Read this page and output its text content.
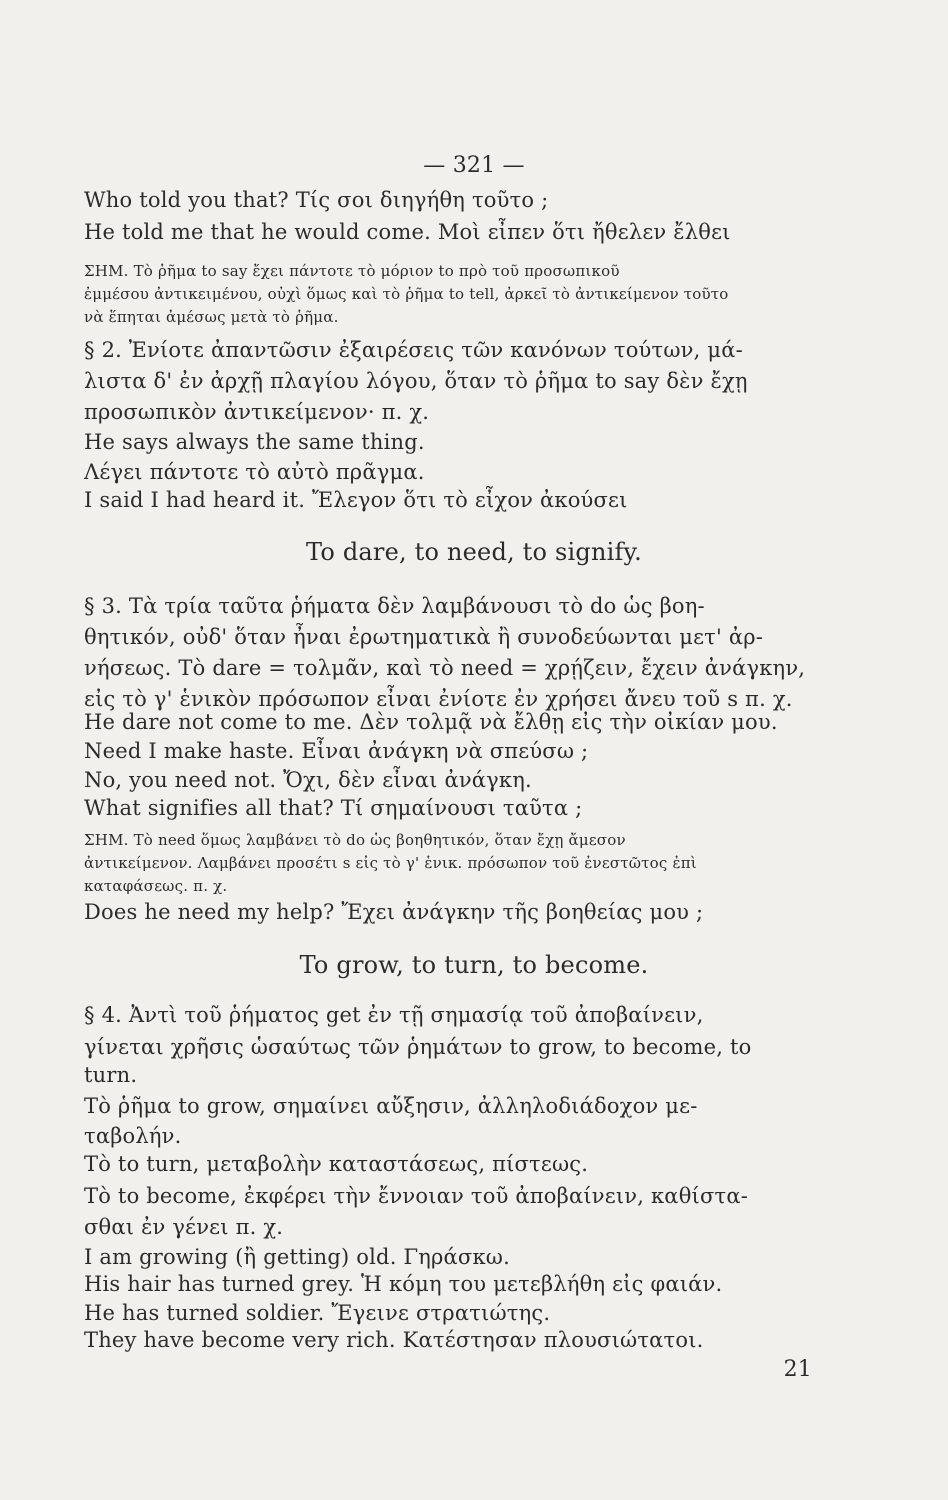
— 321 —
Who told you that? Τίς σοι διηγήθη τοῦτο ;
He told me that he would come. Μοὶ εἶπεν ὅτι ἤθελεν ἔλθει
ΣΗΜ. Τὸ ῥῆμα to say ἔχει πάντοτε τὸ μόριον to πρὸ τοῦ προσωπικοῦ
ἐμμέσου ἀντικειμένου, οὐχὶ ὅμως καὶ τὸ ῥῆμα to tell, ἀρκεῖ τὸ ἀντικείμενον τοῦτο
νὰ ἕπηται ἀμέσως μετὰ τὸ ῥῆμα.
§ 2. Ἐνίοτε ἀπαντῶσιν ἐξαιρέσεις τῶν κανόνων τούτων, μά-
λιστα δ' ἐν ἀρχῇ πλαγίου λόγου, ὅταν τὸ ῥῆμα to say δὲν ἔχῃ
προσωπικὸν ἀντικείμενον· π. χ.
He says always the same thing.
Λέγει πάντοτε τὸ αὐτὸ πρᾶγμα.
I said I had heard it. Ἔλεγον ὅτι τὸ εἶχον ἀκούσει
To dare, to need, to signify.
§ 3. Τὰ τρία ταῦτα ῥήματα δὲν λαμβάνουσι τὸ do ὡς βοη-
θητικόν, οὐδ' ὅταν ἦναι ἐρωτηματικὰ ἢ συνοδεύωνται μετ' ἀρ-
νήσεως. Τὸ dare = τολμᾶν, καὶ τὸ need = χρῄζειν, ἔχειν ἀνάγκην,
εἰς τὸ γ' ἑνικὸν πρόσωπον εἶναι ἐνίοτε ἐν χρήσει ἄνευ τοῦ s π. χ.
He dare not come to me. Δὲν τολμᾷ νὰ ἔλθῃ εἰς τὴν οἰκίαν μου.
Need I make haste. Εἶναι ἀνάγκη νὰ σπεύσω ;
No, you need not. Ὄχι, δὲν εἶναι ἀνάγκη.
What signifies all that? Τί σημαίνουσι ταῦτα ;
ΣΗΜ. Τὸ need ὅμως λαμβάνει τὸ do ὡς βοηθητικόν, ὅταν ἔχῃ ἄμεσον
ἀντικείμενον. Λαμβάνει προσέτι s εἰς τὸ γ' ἑνικ. πρόσωπον τοῦ ἐνεστῶτος ἐπὶ
καταφάσεως. π. χ.
Does he need my help? Ἔχει ἀνάγκην τῆς βοηθείας μου ;
To grow, to turn, to become.
§ 4. Ἀντὶ τοῦ ῥήματος get ἐν τῇ σημασίᾳ τοῦ ἀποβαίνειν,
γίνεται χρῆσις ὡσαύτως τῶν ῥημάτων to grow, to become, to
turn.
Τὸ ῥῆμα to grow, σημαίνει αὔξησιν, ἀλληλοδιάδοχον με-
ταβολήν.
Τὸ to turn, μεταβολὴν καταστάσεως, πίστεως.
Τὸ to become, ἐκφέρει τὴν ἔννοιαν τοῦ ἀποβαίνειν, καθίστα-
σθαι ἐν γένει π. χ.
I am growing (ἢ getting) old. Γηράσκω.
His hair has turned grey. Ἡ κόμη του μετεβλήθη εἰς φαιάν.
He has turned soldier. Ἔγεινε στρατιώτης.
They have become very rich. Κατέστησαν πλουσιώτατοι.
21
